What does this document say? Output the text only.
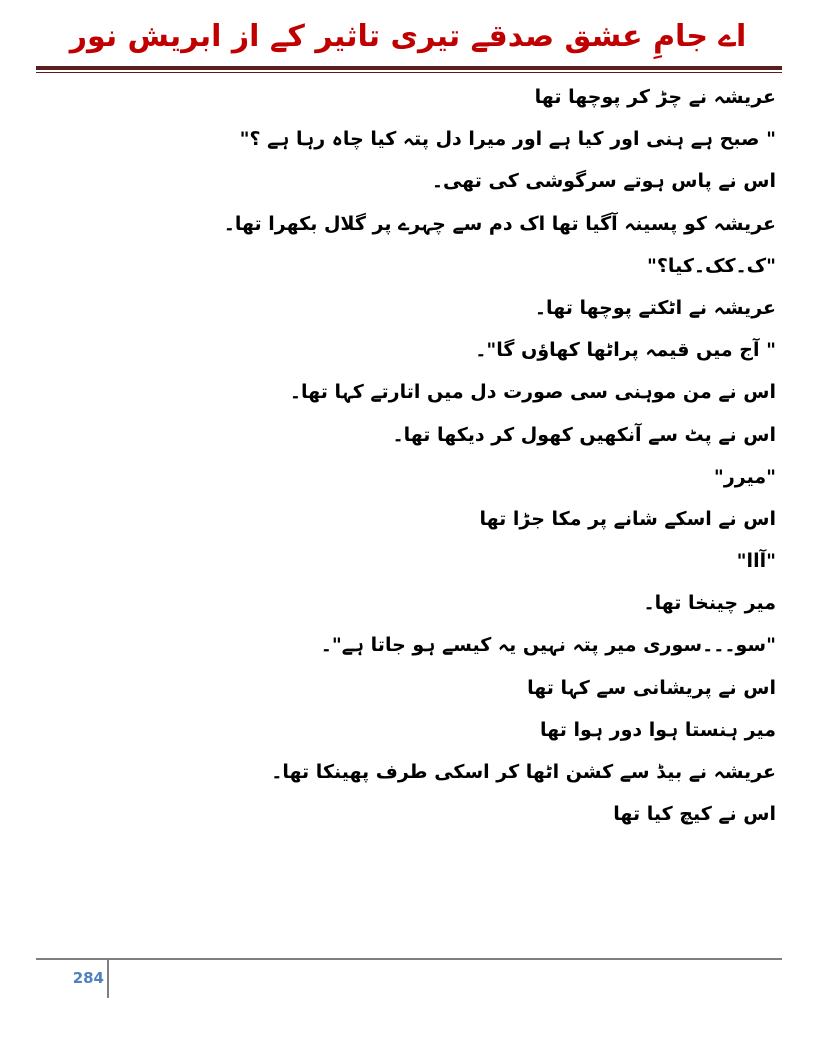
اے جامِ عشق صدقے تیری تاثیر کے از ابریش نور

عریشہ نے چڑ کر پوچھا تھا

" صبح ہے ہنی اور کیا ہے اور میرا دل پتہ کیا چاہ رہا ہے ؟"

اس نے پاس ہوتے سرگوشی کی تھی۔

عریشہ کو پسینہ آگیا تھا اک دم سے چہرے پر گلال بکھرا تھا۔

"ک۔کک۔کیا؟"

عریشہ نے اٹکتے پوچھا تھا۔

" آج میں قیمہ پراٹھا کھاؤں گا"۔

اس نے من موہنی سی صورت دل میں اتارتے کہا تھا۔

اس نے پٹ سے آنکھیں کھول کر دیکھا تھا۔

"میرر"

اس نے اسکے شانے پر مکا جڑا تھا

"آاا"

میر چینخا تھا۔

"سو۔۔۔سوری میر پتہ نہیں یہ کیسے ہو جاتا ہے"۔

اس نے پریشانی سے کہا تھا

میر ہنستا ہوا دور ہوا تھا

عریشہ نے بیڈ سے کشن اٹھا کر اسکی طرف پھینکا تھا۔

اس نے کیچ کیا تھا

284
